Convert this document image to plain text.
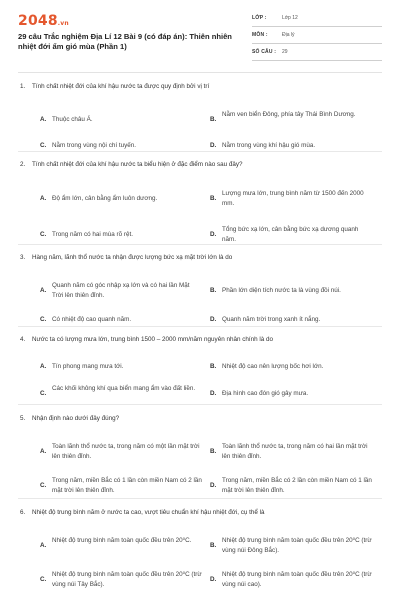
2048.vn
29 câu Trắc nghiệm Địa Lí 12 Bài 9 (có đáp án): Thiên nhiên nhiệt đới ẩm gió mùa (Phần 1)
LỚP :	Lớp 12
MÔN :	Địa lý
SỐ CÂU : 29
1. Tính chất nhiệt đới của khí hậu nước ta được quy định bởi vị trí
A. Thuộc châu Á.	B.
Nằm ven biển Đông, phía tây Thái Bình Dương.
C. Nằm trong vùng nội chí tuyến.	D. Nằm trong vùng khí hậu gió mùa.
2. Tính chất nhiệt đới của khí hậu nước ta biểu hiện ở đặc điểm nào sau đây?
A. Độ ẩm lớn, cân bằng ẩm luôn dương.	B.
Lượng mưa lớn, trung bình năm từ 1500 đến 2000 mm.
C. Trong năm có hai mùa rõ rệt.	D.
Tổng bức xạ lớn, cân bằng bức xạ dương quanh năm.
3. Hàng năm, lãnh thổ nước ta nhận được lượng bức xạ mặt trời lớn là do
A.
Quanh năm có góc nhập xạ lớn và có hai lần Mặt Trời lên thiên đỉnh.
B. Phần lớn diện tích nước ta là vùng đồi núi.
C. Có nhiệt độ cao quanh năm.	D. Quanh năm trời trong xanh ít nắng.
4. Nước ta có lượng mưa lớn, trung bình 1500 – 2000 mm/năm nguyên nhân chính là do
A. Tín phong mang mưa tới.	B. Nhiệt độ cao nên lượng bốc hơi lớn.
C.
Các khối không khí qua biển mang ẩm vào đất liền.
D. Địa hình cao đón gió gây mưa.
5. Nhận định nào dưới đây đúng?
A.
Toàn lãnh thổ nước ta, trong năm có một lần mặt trời lên thiên đỉnh.
B.
Toàn lãnh thổ nước ta, trong năm có hai lần mặt trời lên thiên đỉnh.
C.
Trong năm, miền Bắc có 1 lần còn miền Nam có 2 lần mặt trời lên thiên đỉnh.
D.
Trong năm, miền Bắc có 2 lần còn miền Nam có 1 lần mặt trời lên thiên đỉnh.
6. Nhiệt độ trung bình năm ở nước ta cao, vượt tiêu chuẩn khí hậu nhiệt đới, cụ thể là
A.
Nhiệt độ trung bình năm toàn quốc đều trên 20⁰C.
B.
Nhiệt độ trung bình năm toàn quốc đều trên 20⁰C (trừ vùng núi Đông Bắc).
C.
Nhiệt độ trung bình năm toàn quốc đều trên 20⁰C (trừ vùng núi Tây Bắc).
D.
Nhiệt độ trung bình năm toàn quốc đều trên 20⁰C (trừ vùng núi cao).
